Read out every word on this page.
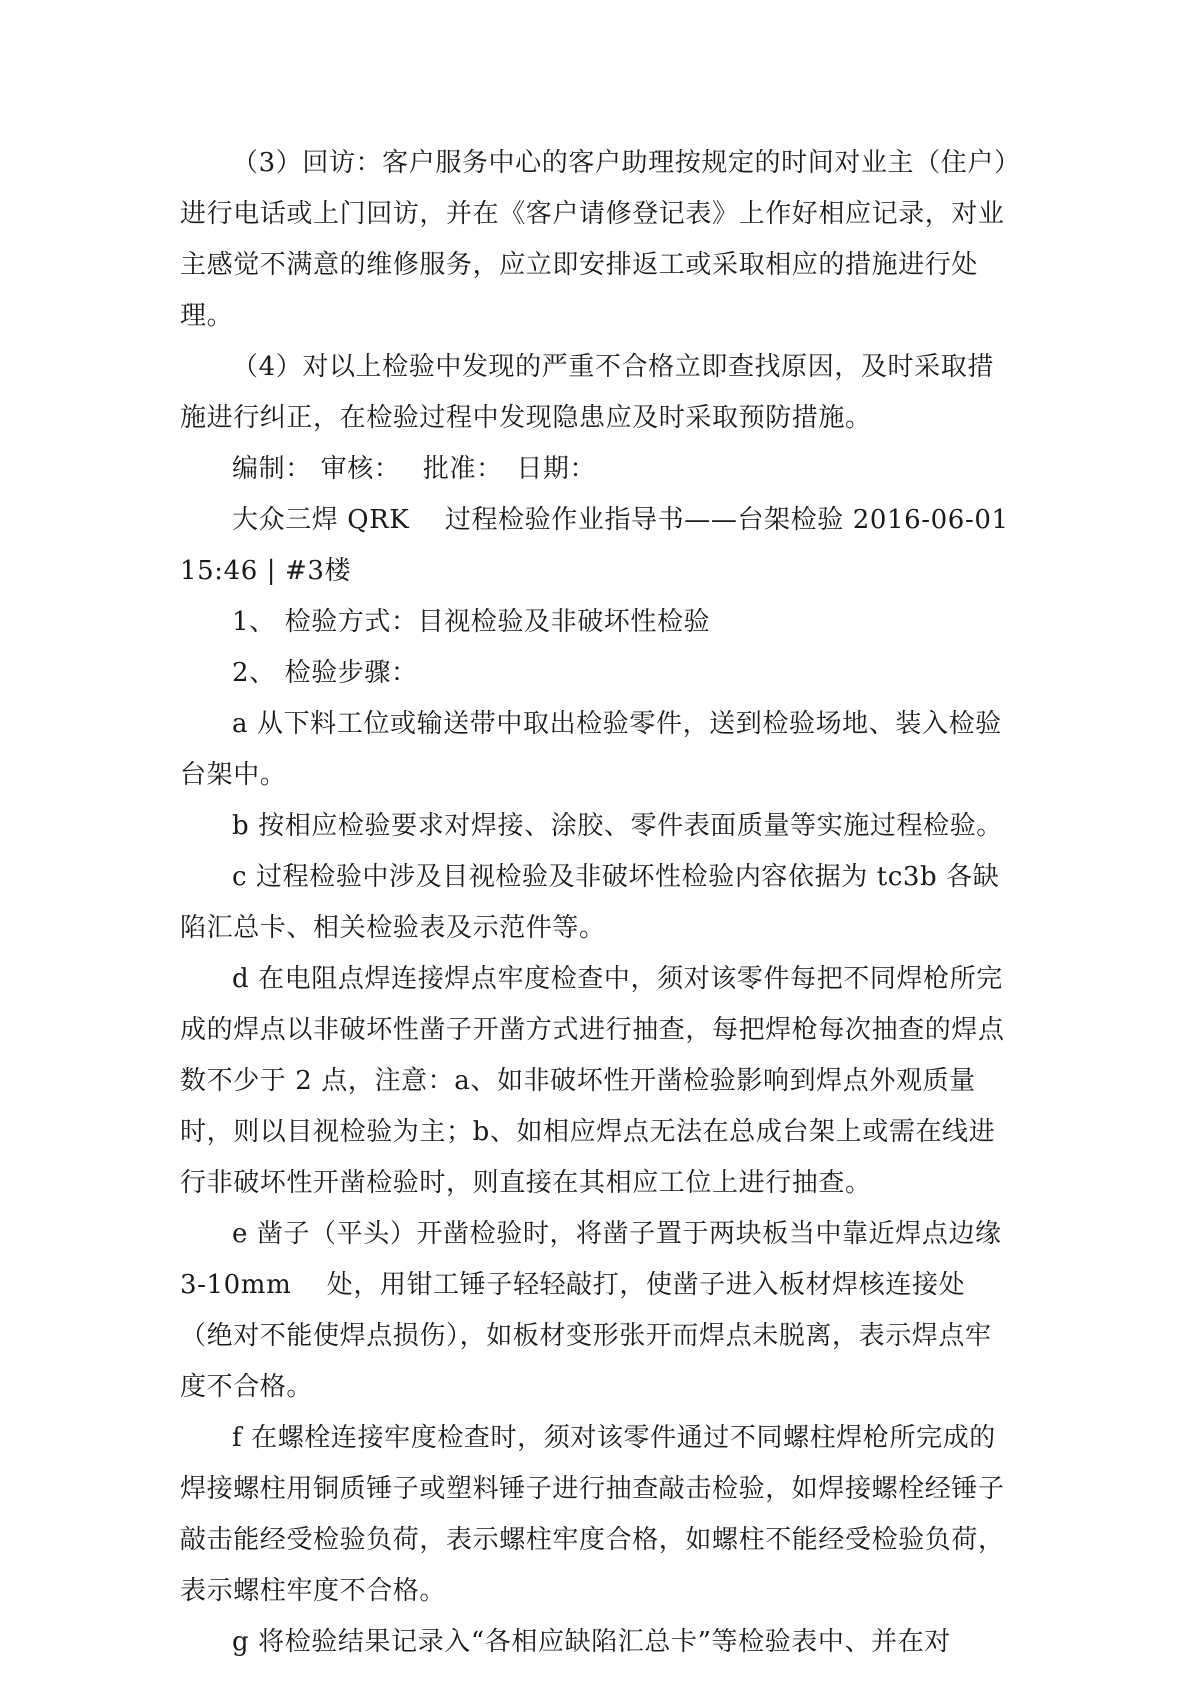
（3）回访：客户服务中心的客户助理按规定的时间对业主（住户）进行电话或上门回访，并在《客户请修登记表》上作好相应记录，对业主感觉不满意的维修服务，应立即安排返工或采取相应的措施进行处理。

（4）对以上检验中发现的严重不合格立即查找原因，及时采取措施进行纠正，在检验过程中发现隐患应及时采取预防措施。

编制： 审核：　 批准：　日期：

大众三焊 QRK　 过程检验作业指导书——台架检验 2016-06-01 15:46 | #3楼

1、 检验方式：目视检验及非破坏性检验

2、 检验步骤：

a 从下料工位或输送带中取出检验零件，送到检验场地、装入检验台架中。

b 按相应检验要求对焊接、涂胶、零件表面质量等实施过程检验。

c 过程检验中涉及目视检验及非破坏性检验内容依据为 tc3b 各缺陷汇总卡、相关检验表及示范件等。

d 在电阻点焊连接焊点牢度检查中，须对该零件每把不同焊枪所完成的焊点以非破坏性凿子开凿方式进行抽查，每把焊枪每次抽查的焊点数不少于 2 点，注意：a、如非破坏性开凿检验影响到焊点外观质量时，则以目视检验为主；b、如相应焊点无法在总成台架上或需在线进行非破坏性开凿检验时，则直接在其相应工位上进行抽查。

e 凿子（平头）开凿检验时，将凿子置于两块板当中靠近焊点边缘 3-10mm　 处，用钳工锤子轻轻敲打，使凿子进入板材焊核连接处（绝对不能使焊点损伤），如板材变形张开而焊点未脱离，表示焊点牢度不合格。

f 在螺栓连接牢度检查时，须对该零件通过不同螺柱焊枪所完成的焊接螺柱用铜质锤子或塑料锤子进行抽查敲击检验，如焊接螺栓经锤子敲击能经受检验负荷，表示螺柱牢度合格，如螺柱不能经受检验负荷，表示螺柱牢度不合格。

g 将检验结果记录入“各相应缺陷汇总卡”等检验表中、并在对
